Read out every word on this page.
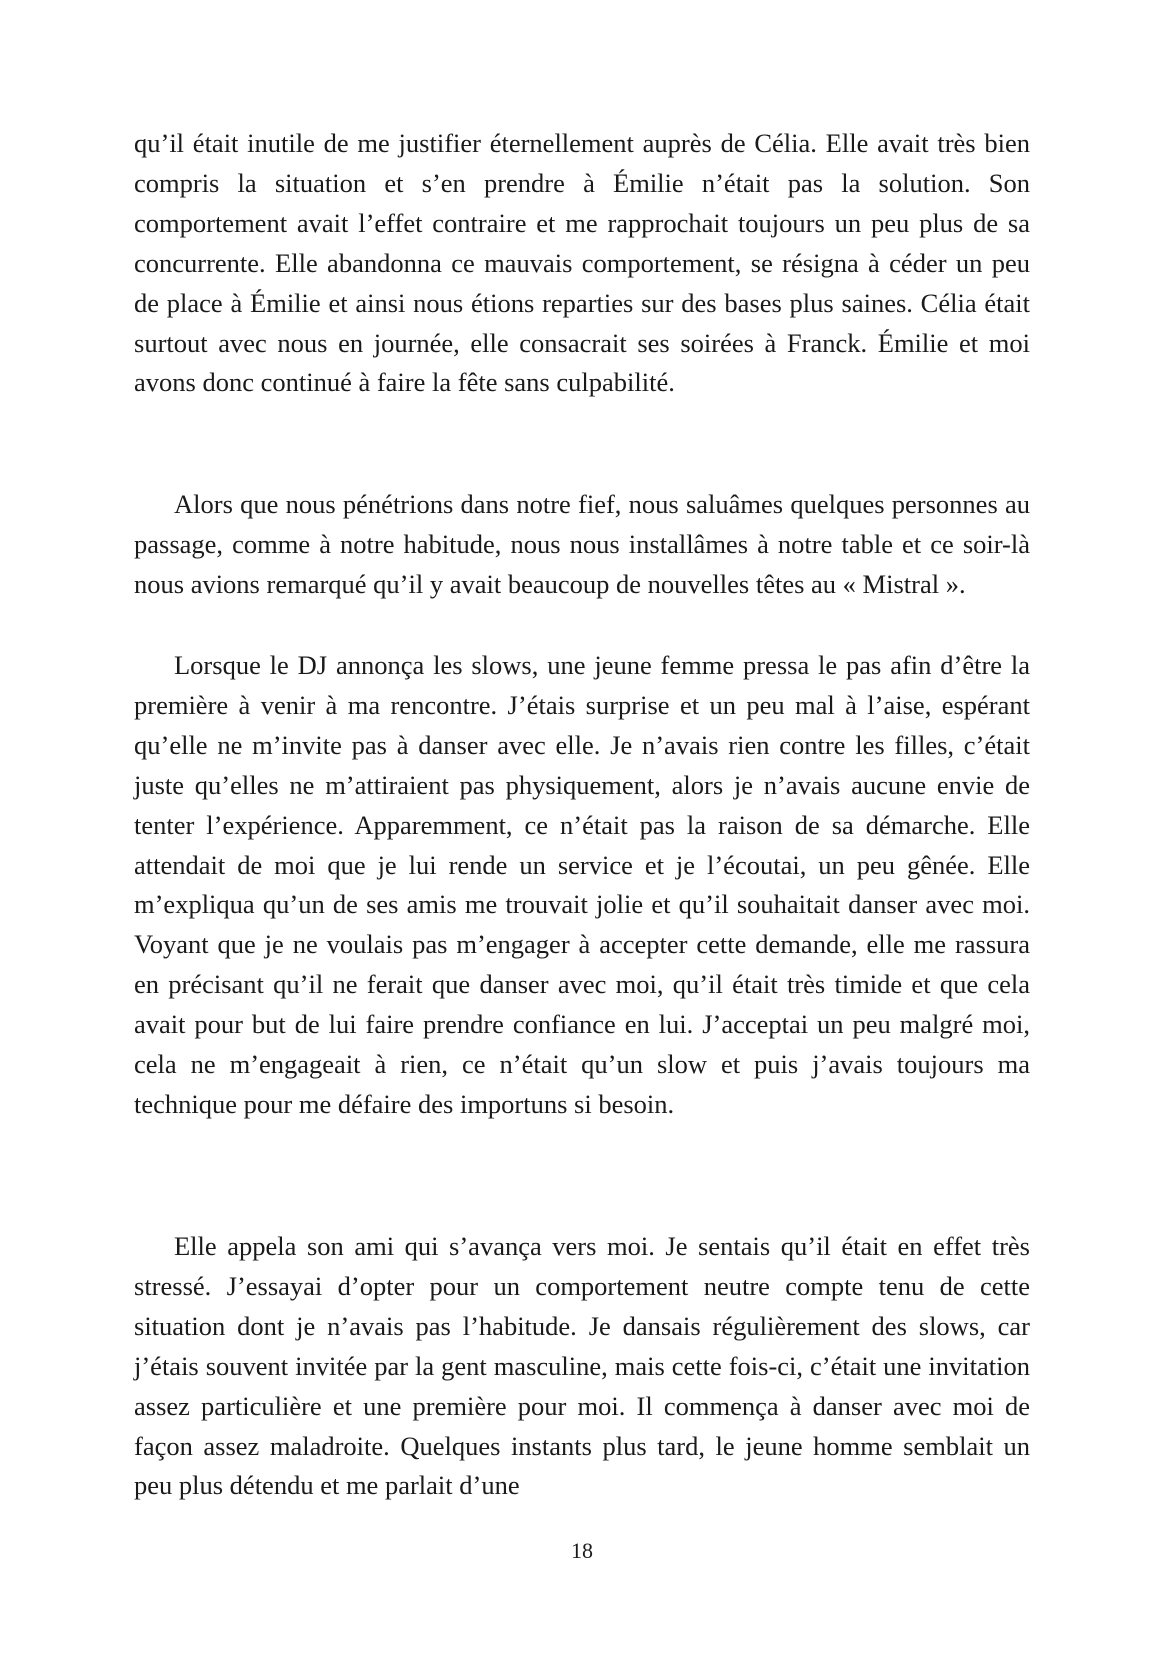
qu’il était inutile de me justifier éternellement auprès de Célia. Elle avait très bien compris la situation et s’en prendre à Émilie n’était pas la solution. Son comportement avait l’effet contraire et me rapprochait toujours un peu plus de sa concurrente. Elle abandonna ce mauvais comportement, se résigna à céder un peu de place à Émilie et ainsi nous étions reparties sur des bases plus saines. Célia était surtout avec nous en journée, elle consacrait ses soirées à Franck. Émilie et moi avons donc continué à faire la fête sans culpabilité.

Alors que nous pénétrions dans notre fief, nous saluâmes quelques personnes au passage, comme à notre habitude, nous nous installâmes à notre table et ce soir-là nous avions remarqué qu’il y avait beaucoup de nouvelles têtes au « Mistral ».

Lorsque le DJ annonça les slows, une jeune femme pressa le pas afin d’être la première à venir à ma rencontre. J’étais surprise et un peu mal à l’aise, espérant qu’elle ne m’invite pas à danser avec elle. Je n’avais rien contre les filles, c’était juste qu’elles ne m’attiraient pas physiquement, alors je n’avais aucune envie de tenter l’expérience. Apparemment, ce n’était pas la raison de sa démarche. Elle attendait de moi que je lui rende un service et je l’écoutai, un peu gênée. Elle m’expliqua qu’un de ses amis me trouvait jolie et qu’il souhaitait danser avec moi. Voyant que je ne voulais pas m’engager à accepter cette demande, elle me rassura en précisant qu’il ne ferait que danser avec moi, qu’il était très timide et que cela avait pour but de lui faire prendre confiance en lui. J’acceptai un peu malgré moi, cela ne m’engageait à rien, ce n’était qu’un slow et puis j’avais toujours ma technique pour me défaire des importuns si besoin.

Elle appela son ami qui s’avança vers moi. Je sentais qu’il était en effet très stressé. J’essayai d’opter pour un comportement neutre compte tenu de cette situation dont je n’avais pas l’habitude. Je dansais régulièrement des slows, car j’étais souvent invitée par la gent masculine, mais cette fois-ci, c’était une invitation assez particulière et une première pour moi. Il commença à danser avec moi de façon assez maladroite. Quelques instants plus tard, le jeune homme semblait un peu plus détendu et me parlait d’une

18
